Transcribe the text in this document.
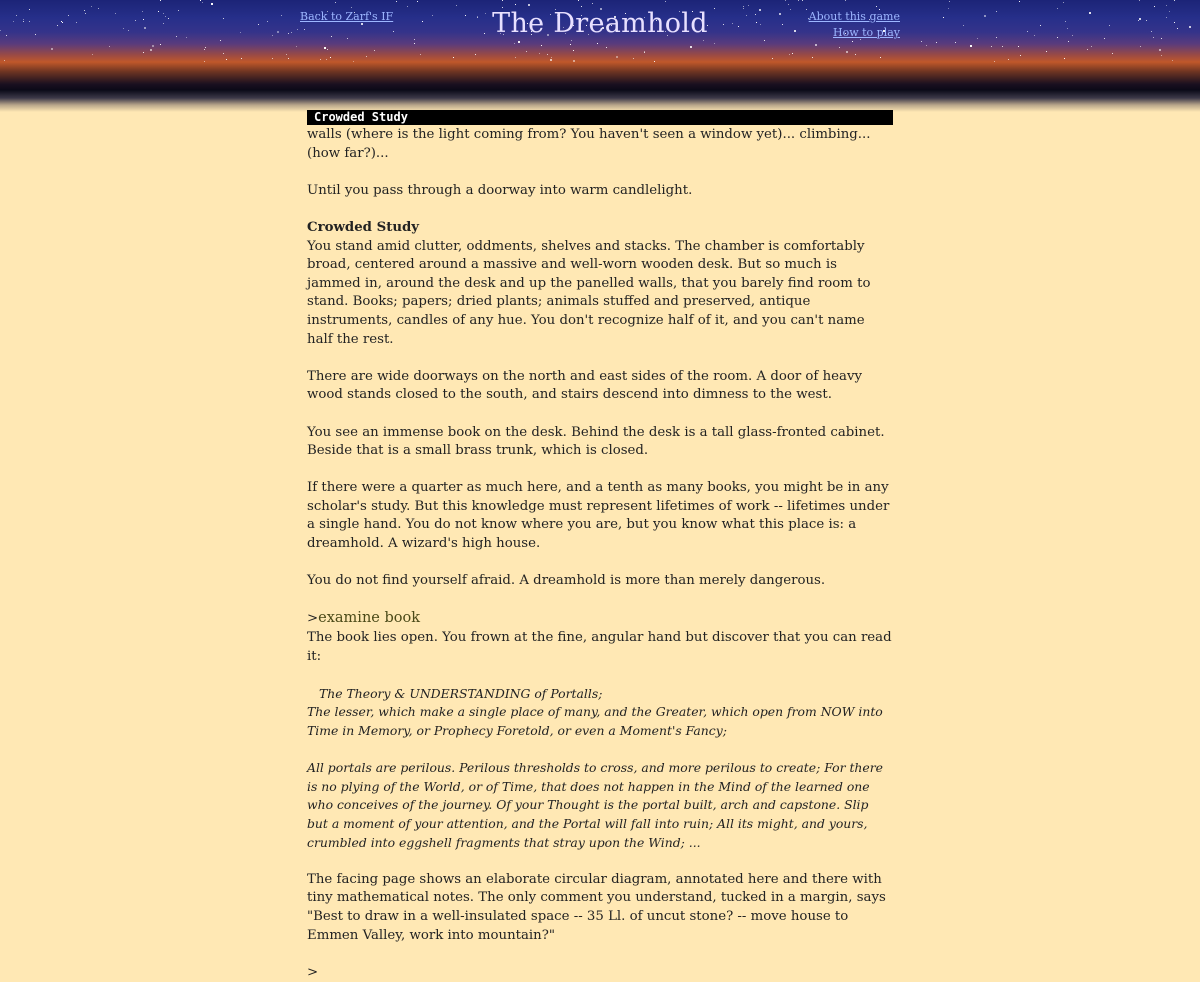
Back to Zarf's IF	The Dreamhold	About this game
How to play
Crowded Study

walls (where is the light coming from? You haven't seen a window yet)... climbing... (how far?)...

Until you pass through a doorway into warm candlelight.

Crowded Study

You stand amid clutter, oddments, shelves and stacks. The chamber is comfortably broad, centered around a massive and well-worn wooden desk. But so much is jammed in, around the desk and up the panelled walls, that you barely find room to stand. Books; papers; dried plants; animals stuffed and preserved, antique instruments, candles of any hue. You don't recognize half of it, and you can't name half the rest.

There are wide doorways on the north and east sides of the room. A door of heavy wood stands closed to the south, and stairs descend into dimness to the west.

You see an immense book on the desk. Behind the desk is a tall glass-fronted cabinet. Beside that is a small brass trunk, which is closed.

If there were a quarter as much here, and a tenth as many books, you might be in any scholar's study. But this knowledge must represent lifetimes of work -- lifetimes under a single hand. You do not know where you are, but you know what this place is: a dreamhold. A wizard's high house.

You do not find yourself afraid. A dreamhold is more than merely dangerous.

>examine book

The book lies open. You frown at the fine, angular hand but discover that you can read it:

The Theory & UNDERSTANDING of Portalls;

The lesser, which make a single place of many, and the Greater, which open from NOW into Time in Memory, or Prophecy Foretold, or even a Moment's Fancy;

All portals are perilous. Perilous thresholds to cross, and more perilous to create; For there is no plying of the World, or of Time, that does not happen in the Mind of the learned one who conceives of the journey. Of your Thought is the portal built, arch and capstone. Slip but a moment of your attention, and the Portal will fall into ruin; All its might, and yours, crumbled into eggshell fragments that stray upon the Wind; ...

The facing page shows an elaborate circular diagram, annotated here and there with tiny mathematical notes. The only comment you understand, tucked in a margin, says "Best to draw in a well-insulated space -- 35 Ll. of uncut stone? -- move house to Emmen Valley, work into mountain?"

>
